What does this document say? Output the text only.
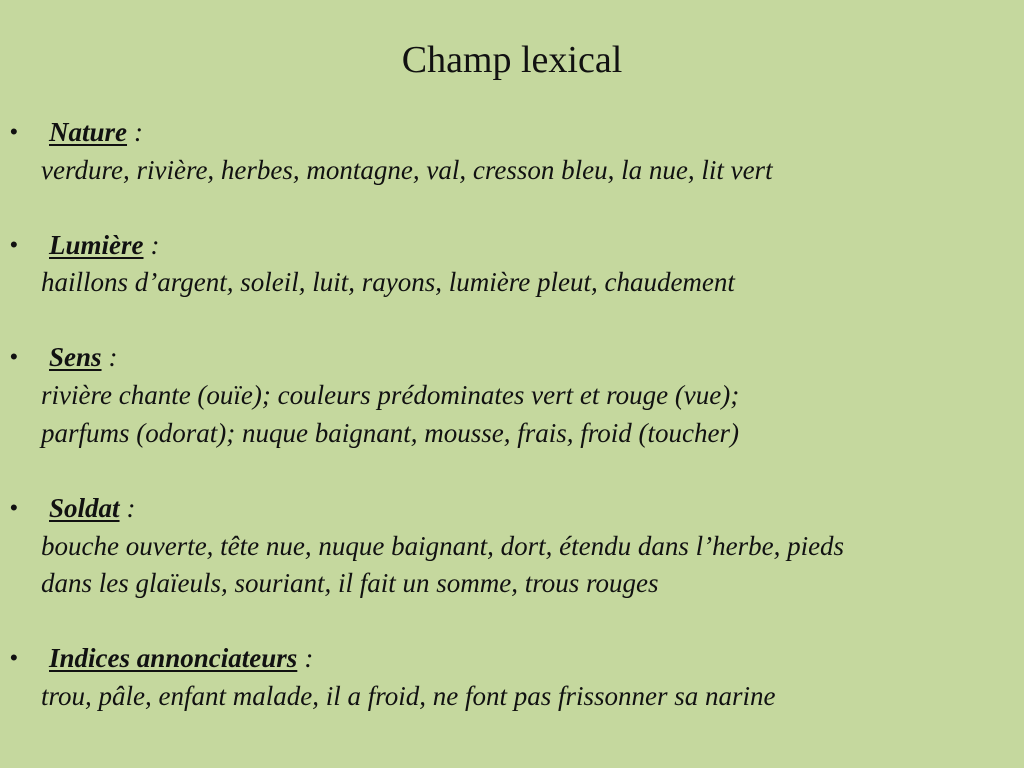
Champ lexical
• Nature :
verdure, rivière, herbes, montagne, val, cresson bleu, la nue, lit vert
• Lumière :
haillons d’argent, soleil, luit, rayons, lumière pleut, chaudement
• Sens :
rivière chante (ouïe); couleurs prédominates vert et rouge (vue);
parfums (odorat); nuque baignant, mousse, frais, froid (toucher)
• Soldat :
bouche ouverte, tête nue, nuque baignant, dort, étendu dans l’herbe, pieds
dans les glaïeuls, souriant, il fait un somme, trous rouges
• Indices annonciateurs :
trou, pâle, enfant malade, il a froid, ne font pas frissonner sa narine
